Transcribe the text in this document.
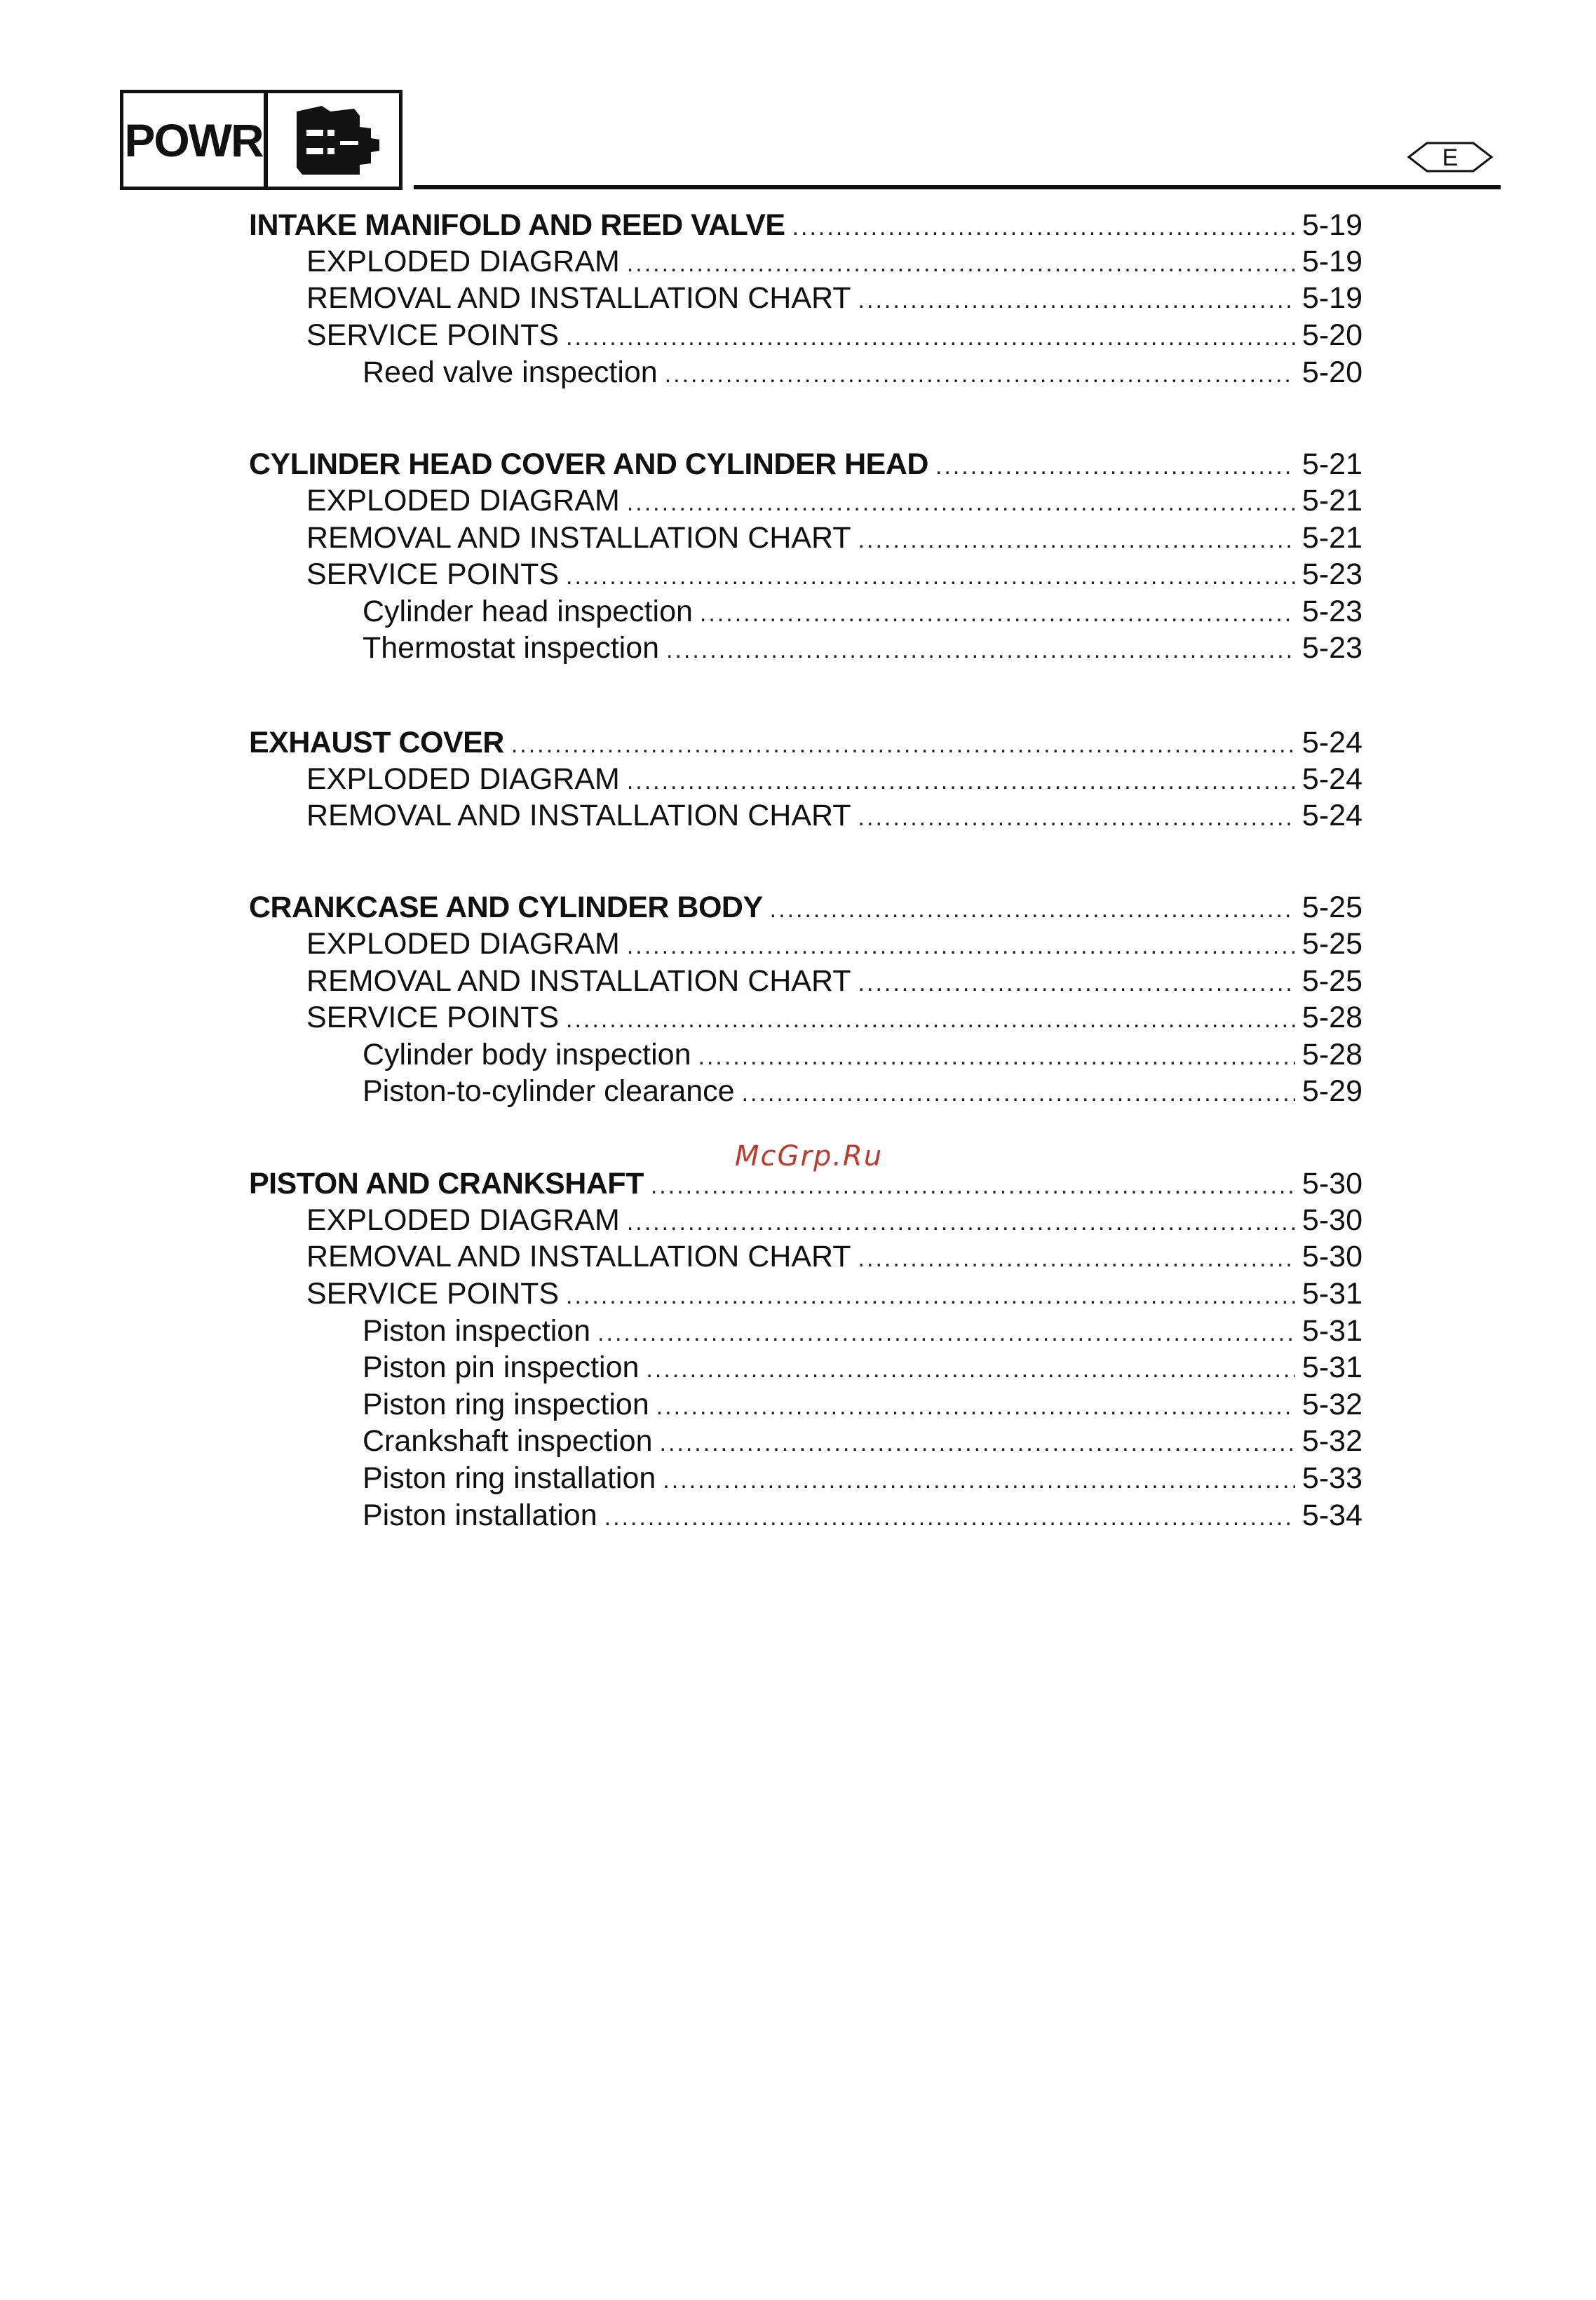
POWR	E
INTAKE MANIFOLD AND REED VALVE .....	5-19
EXPLODED DIAGRAM .....	5-19
REMOVAL AND INSTALLATION CHART .....	5-19
SERVICE POINTS .....	5-20
Reed valve inspection .....	5-20
CYLINDER HEAD COVER AND CYLINDER HEAD .....	5-21
EXPLODED DIAGRAM .....	5-21
REMOVAL AND INSTALLATION CHART .....	5-21
SERVICE POINTS .....	5-23
Cylinder head inspection .....	5-23
Thermostat inspection .....	5-23
EXHAUST COVER .....	5-24
EXPLODED DIAGRAM .....	5-24
REMOVAL AND INSTALLATION CHART .....	5-24
CRANKCASE AND CYLINDER BODY .....	5-25
EXPLODED DIAGRAM .....	5-25
REMOVAL AND INSTALLATION CHART .....	5-25
SERVICE POINTS .....	5-28
Cylinder body inspection .....	5-28
Piston-to-cylinder clearance .....	5-29
PISTON AND CRANKSHAFT .....	5-30
EXPLODED DIAGRAM .....	5-30
REMOVAL AND INSTALLATION CHART .....	5-30
SERVICE POINTS .....	5-31
Piston inspection .....	5-31
Piston pin inspection .....	5-31
Piston ring inspection .....	5-32
Crankshaft inspection .....	5-32
Piston ring installation .....	5-33
Piston installation .....	5-34
McGrp.Ru
